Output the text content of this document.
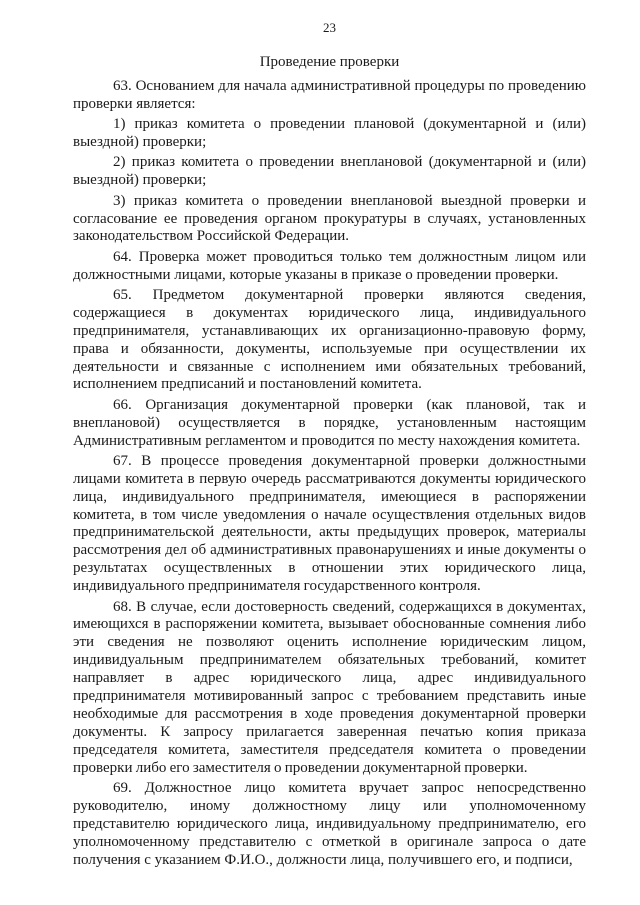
23
Проведение проверки

63. Основанием для начала административной процедуры по проведению проверки является:

1) приказ комитета о проведении плановой (документарной и (или) выездной) проверки;

2) приказ комитета о проведении внеплановой (документарной и (или) выездной) проверки;

3) приказ комитета о проведении внеплановой выездной проверки и согласование ее проведения органом прокуратуры в случаях, установленных законодательством Российской Федерации.

64. Проверка может проводиться только тем должностным лицом или должностными лицами, которые указаны в приказе о проведении проверки.

65. Предметом документарной проверки являются сведения, содержащиеся в документах юридического лица, индивидуального предпринимателя, устанавливающих их организационно-правовую форму, права и обязанности, документы, используемые при осуществлении их деятельности и связанные с исполнением ими обязательных требований, исполнением предписаний и постановлений комитета.

66. Организация документарной проверки (как плановой, так и внеплановой) осуществляется в порядке, установленным настоящим Административным регламентом и проводится по месту нахождения комитета.

67. В процессе проведения документарной проверки должностными лицами комитета в первую очередь рассматриваются документы юридического лица, индивидуального предпринимателя, имеющиеся в распоряжении комитета, в том числе уведомления о начале осуществления отдельных видов предпринимательской деятельности, акты предыдущих проверок, материалы рассмотрения дел об административных правонарушениях и иные документы о результатах осуществленных в отношении этих юридического лица, индивидуального предпринимателя государственного контроля.

68. В случае, если достоверность сведений, содержащихся в документах, имеющихся в распоряжении комитета, вызывает обоснованные сомнения либо эти сведения не позволяют оценить исполнение юридическим лицом, индивидуальным предпринимателем обязательных требований, комитет направляет в адрес юридического лица, адрес индивидуального предпринимателя мотивированный запрос с требованием представить иные необходимые для рассмотрения в ходе проведения документарной проверки документы. К запросу прилагается заверенная печатью копия приказа председателя комитета, заместителя председателя комитета о проведении проверки либо его заместителя о проведении документарной проверки.

69. Должностное лицо комитета вручает запрос непосредственно руководителю, иному должностному лицу или уполномоченному представителю юридического лица, индивидуальному предпринимателю, его уполномоченному представителю с отметкой в оригинале запроса о дате получения с указанием Ф.И.О., должности лица, получившего его, и подписи,
